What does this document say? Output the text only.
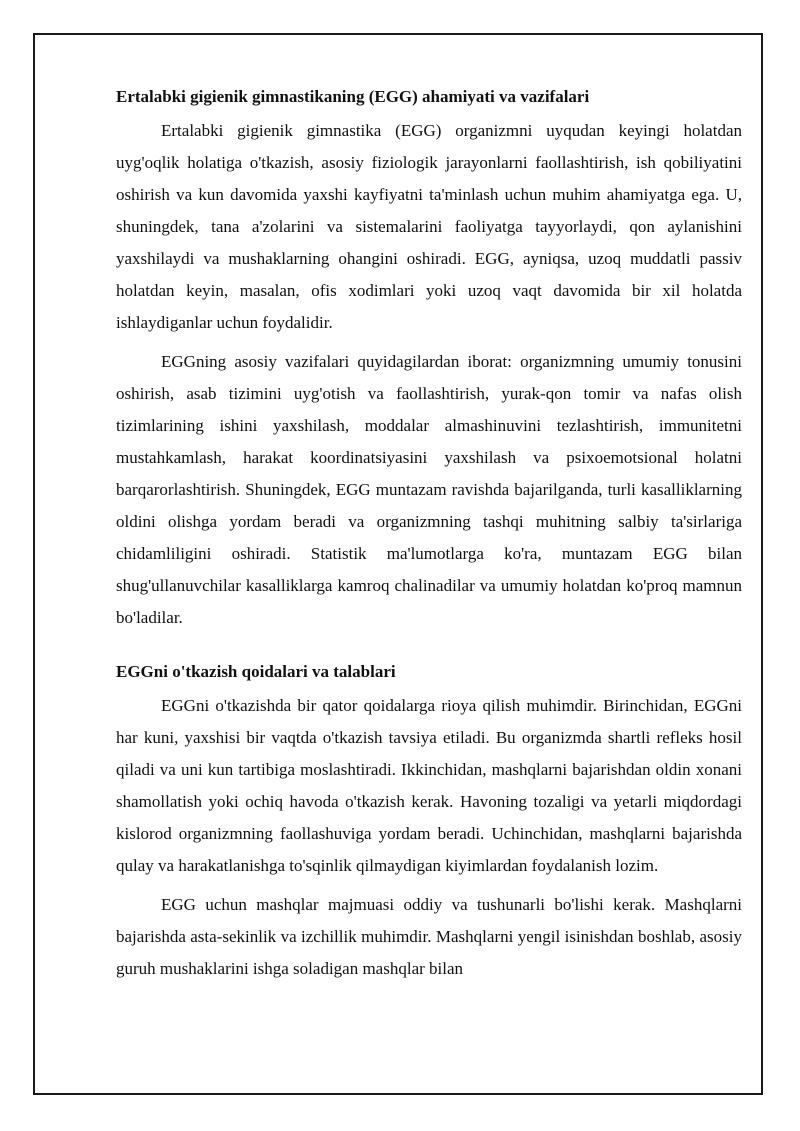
Ertalabki gigienik gimnastikaning (EGG) ahamiyati va vazifalari

Ertalabki gigienik gimnastika (EGG) organizmni uyqudan keyingi holatdan uyg'oqlik holatiga o'tkazish, asosiy fiziologik jarayonlarni faollashtirish, ish qobiliyatini oshirish va kun davomida yaxshi kayfiyatni ta'minlash uchun muhim ahamiyatga ega. U, shuningdek, tana a'zolarini va sistemalarini faoliyatga tayyorlaydi, qon aylanishini yaxshilaydi va mushaklarning ohangini oshiradi. EGG, ayniqsa, uzoq muddatli passiv holatdan keyin, masalan, ofis xodimlari yoki uzoq vaqt davomida bir xil holatda ishlaydiganlar uchun foydalidir.

EGGning asosiy vazifalari quyidagilardan iborat: organizmning umumiy tonusini oshirish, asab tizimini uyg'otish va faollashtirish, yurak-qon tomir va nafas olish tizimlarining ishini yaxshilash, moddalar almashinuvini tezlashtirish, immunitetni mustahkamlash, harakat koordinatsiyasini yaxshilash va psixoemotsional holatni barqarorlashtirish. Shuningdek, EGG muntazam ravishda bajarilganda, turli kasalliklarning oldini olishga yordam beradi va organizmning tashqi muhitning salbiy ta'sirlariga chidamliligini oshiradi. Statistik ma'lumotlarga ko'ra, muntazam EGG bilan shug'ullanuvchilar kasalliklarga kamroq chalinadilar va umumiy holatdan ko'proq mamnun bo'ladilar.

EGGni o'tkazish qoidalari va talablari

EGGni o'tkazishda bir qator qoidalarga rioya qilish muhimdir. Birinchidan, EGGni har kuni, yaxshisi bir vaqtda o'tkazish tavsiya etiladi. Bu organizmda shartli refleks hosil qiladi va uni kun tartibiga moslashtiradi. Ikkinchidan, mashqlarni bajarishdan oldin xonani shamollatish yoki ochiq havoda o'tkazish kerak. Havoning tozaligi va yetarli miqdordagi kislorod organizmning faollashuviga yordam beradi. Uchinchidan, mashqlarni bajarishda qulay va harakatlanishga to'sqinlik qilmaydigan kiyimlardan foydalanish lozim.

EGG uchun mashqlar majmuasi oddiy va tushunarli bo'lishi kerak. Mashqlarni bajarishda asta-sekinlik va izchillik muhimdir. Mashqlarni yengil isinishdan boshlab, asosiy guruh mushaklarini ishga soladigan mashqlar bilan
